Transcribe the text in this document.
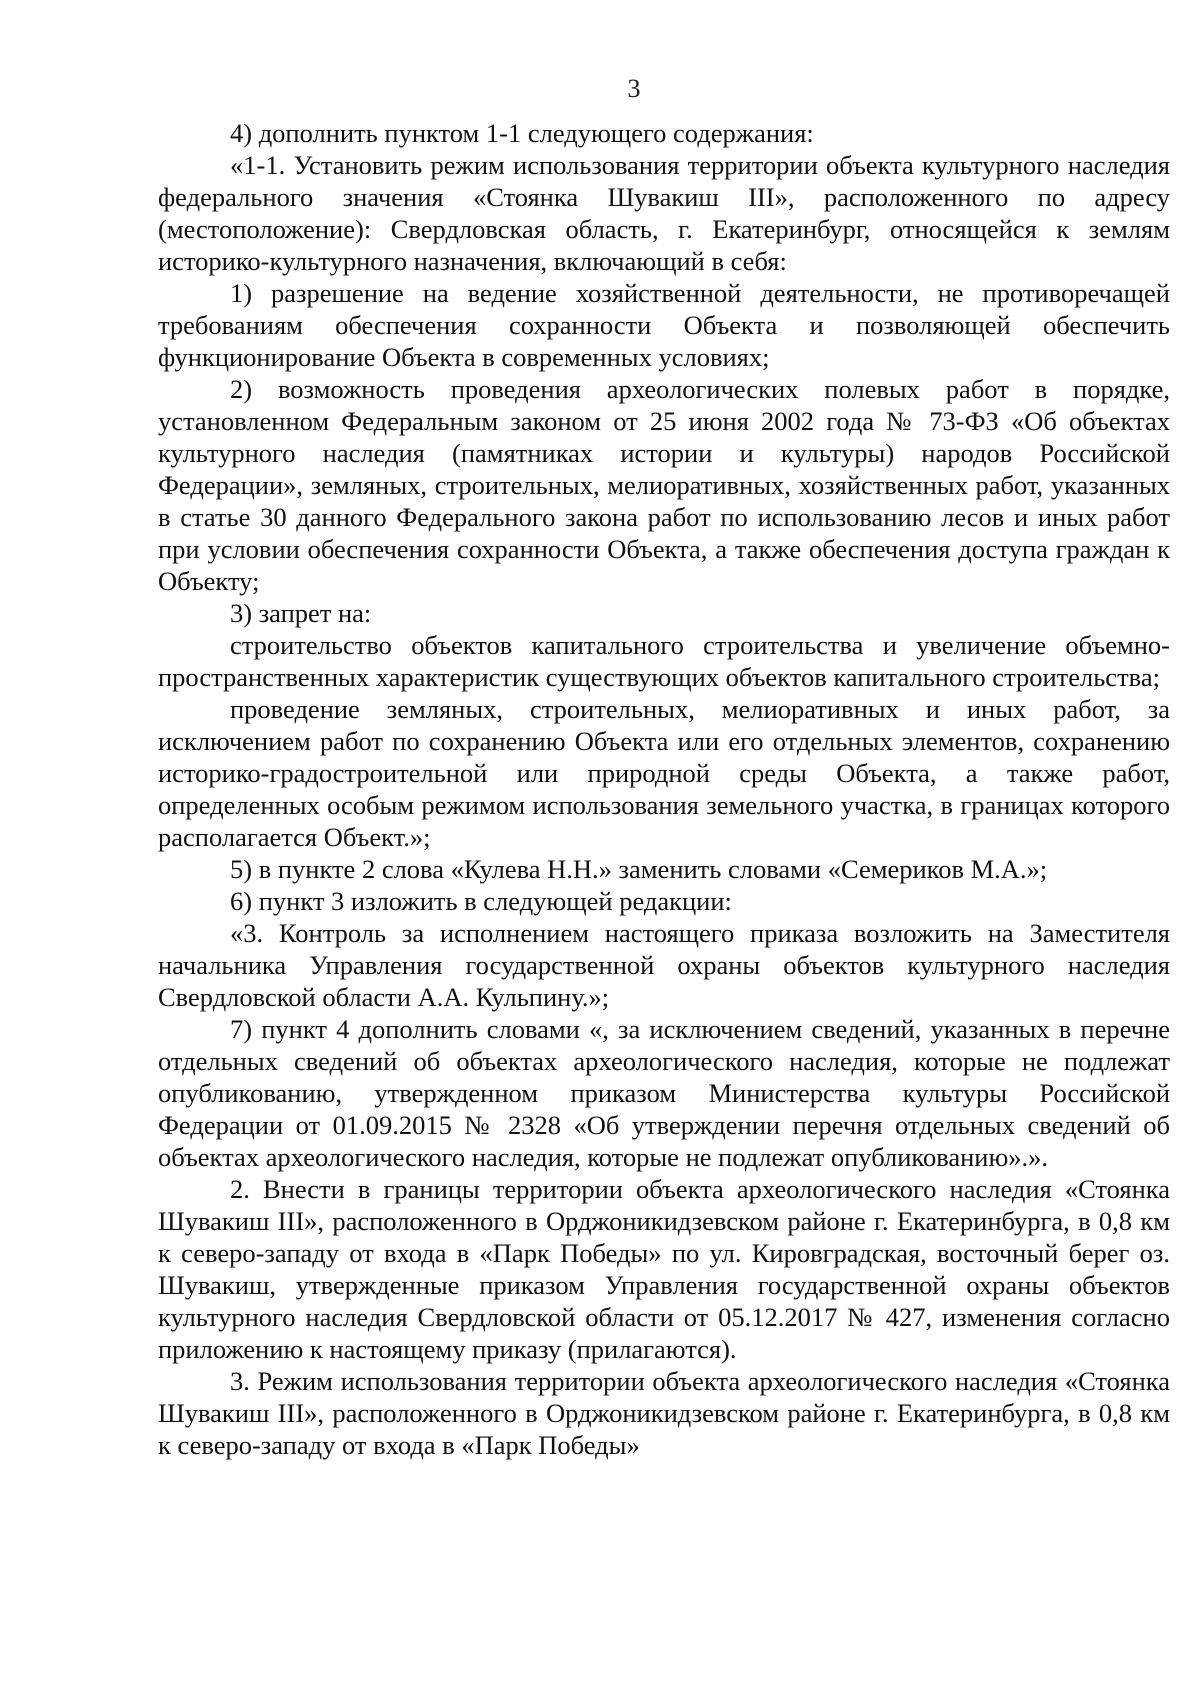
3

4) дополнить пунктом 1-1 следующего содержания:

«1-1. Установить режим использования территории объекта культурного наследия федерального значения «Стоянка Шувакиш III», расположенного по адресу (местоположение): Свердловская область, г. Екатеринбург, относящейся к землям историко-культурного назначения, включающий в себя:

1) разрешение на ведение хозяйственной деятельности, не противоречащей требованиям обеспечения сохранности Объекта и позволяющей обеспечить функционирование Объекта в современных условиях;

2) возможность проведения археологических полевых работ в порядке, установленном Федеральным законом от 25 июня 2002 года № 73-ФЗ «Об объектах культурного наследия (памятниках истории и культуры) народов Российской Федерации», земляных, строительных, мелиоративных, хозяйственных работ, указанных в статье 30 данного Федерального закона работ по использованию лесов и иных работ при условии обеспечения сохранности Объекта, а также обеспечения доступа граждан к Объекту;

3) запрет на:

строительство объектов капитального строительства и увеличение объемно-пространственных характеристик существующих объектов капитального строительства;

проведение земляных, строительных, мелиоративных и иных работ, за исключением работ по сохранению Объекта или его отдельных элементов, сохранению историко-градостроительной или природной среды Объекта, а также работ, определенных особым режимом использования земельного участка, в границах которого располагается Объект.»;

5) в пункте 2 слова «Кулева Н.Н.» заменить словами «Семериков М.А.»;

6) пункт 3 изложить в следующей редакции:

«3. Контроль за исполнением настоящего приказа возложить на Заместителя начальника Управления государственной охраны объектов культурного наследия Свердловской области А.А. Кульпину.»;

7) пункт 4 дополнить словами «, за исключением сведений, указанных в перечне отдельных сведений об объектах археологического наследия, которые не подлежат опубликованию, утвержденном приказом Министерства культуры Российской Федерации от 01.09.2015 № 2328 «Об утверждении перечня отдельных сведений об объектах археологического наследия, которые не подлежат опубликованию».».

2. Внести в границы территории объекта археологического наследия «Стоянка Шувакиш III», расположенного в Орджоникидзевском районе г. Екатеринбурга, в 0,8 км к северо-западу от входа в «Парк Победы» по ул. Кировградская, восточный берег оз. Шувакиш, утвержденные приказом Управления государственной охраны объектов культурного наследия Свердловской области от 05.12.2017 № 427, изменения согласно приложению к настоящему приказу (прилагаются).

3. Режим использования территории объекта археологического наследия «Стоянка Шувакиш III», расположенного в Орджоникидзевском районе г. Екатеринбурга, в 0,8 км к северо-западу от входа в «Парк Победы»
